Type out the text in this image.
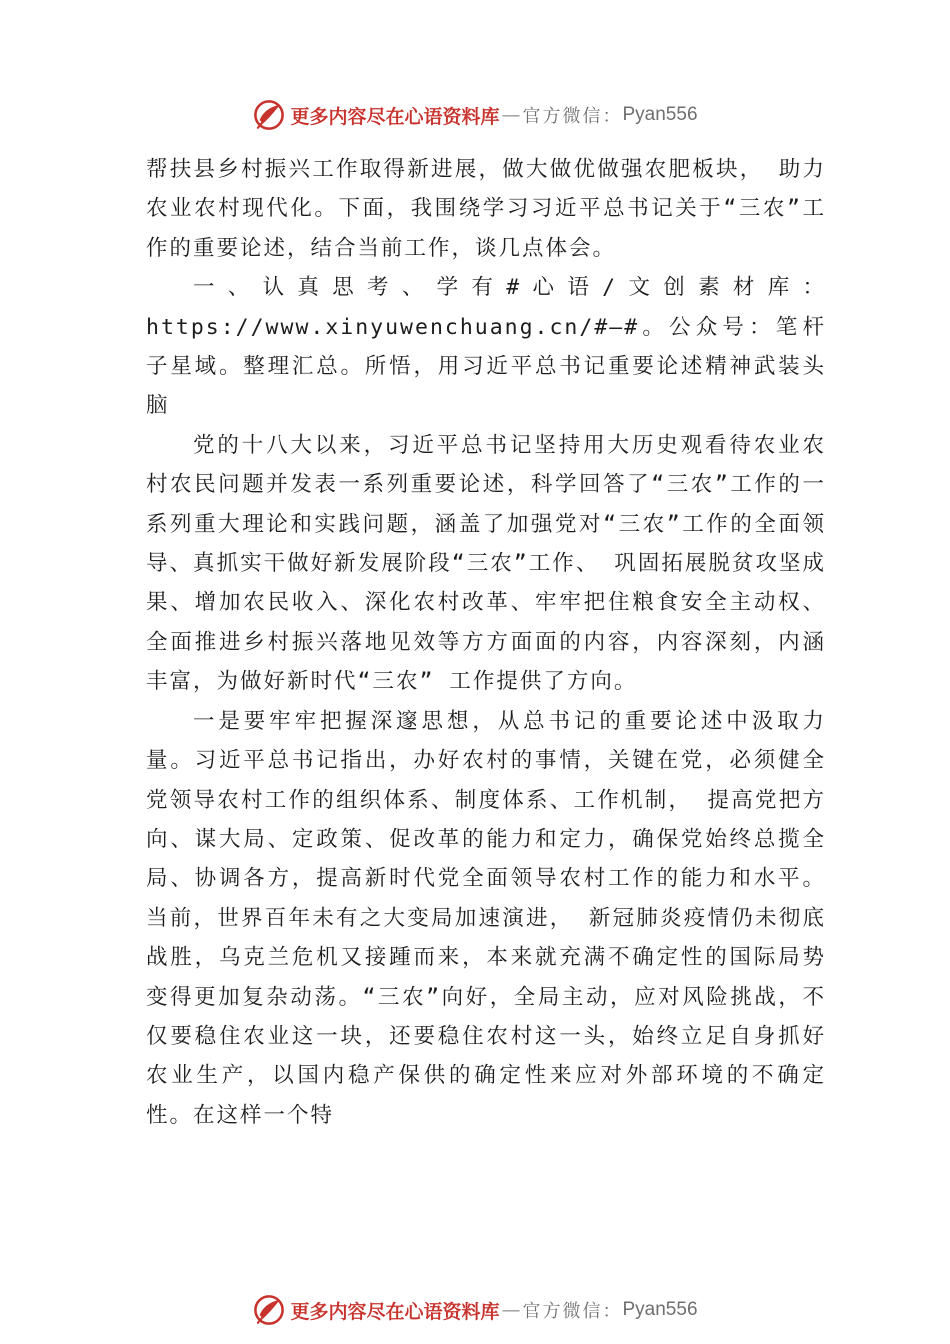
更多内容尽在心语资料库 — 官方微信： Pyan556

帮扶县乡村振兴工作取得新进展，做大做优做强农肥板块， 助力农业农村现代化。下面，我围绕学习习近平总书记关于“三农”工作的重要论述，结合当前工作，谈几点体会。

一、认真思考、学有#心语/文创素材库：https://www.xinyuwenchuang.cn/#—#。公众号：笔杆子星域。整理汇总。所悟，用习近平总书记重要论述精神武装头脑

党的十八大以来，习近平总书记坚持用大历史观看待农业农村农民问题并发表一系列重要论述，科学回答了“三农”工作的一系列重大理论和实践问题，涵盖了加强党对“三农”工作的全面领导、真抓实干做好新发展阶段“三农”工作、 巩固拓展脱贫攻坚成果、增加农民收入、深化农村改革、牢牢把住粮食安全主动权、全面推进乡村振兴落地见效等方方面面的内容，内容深刻，内涵丰富，为做好新时代“三农” 工作提供了方向。

一是要牢牢把握深邃思想，从总书记的重要论述中汲取力量。习近平总书记指出，办好农村的事情，关键在党，必须健全党领导农村工作的组织体系、制度体系、工作机制， 提高党把方向、谋大局、定政策、促改革的能力和定力，确保党始终总揽全局、协调各方，提高新时代党全面领导农村工作的能力和水平。当前，世界百年未有之大变局加速演进， 新冠肺炎疫情仍未彻底战胜，乌克兰危机又接踵而来，本来就充满不确定性的国际局势变得更加复杂动荡。“三农”向好，全局主动，应对风险挑战，不仅要稳住农业这一块，还要稳住农村这一头，始终立足自身抓好农业生产，以国内稳产保供的确定性来应对外部环境的不确定性。在这样一个特

更多内容尽在心语资料库 — 官方微信： Pyan556
